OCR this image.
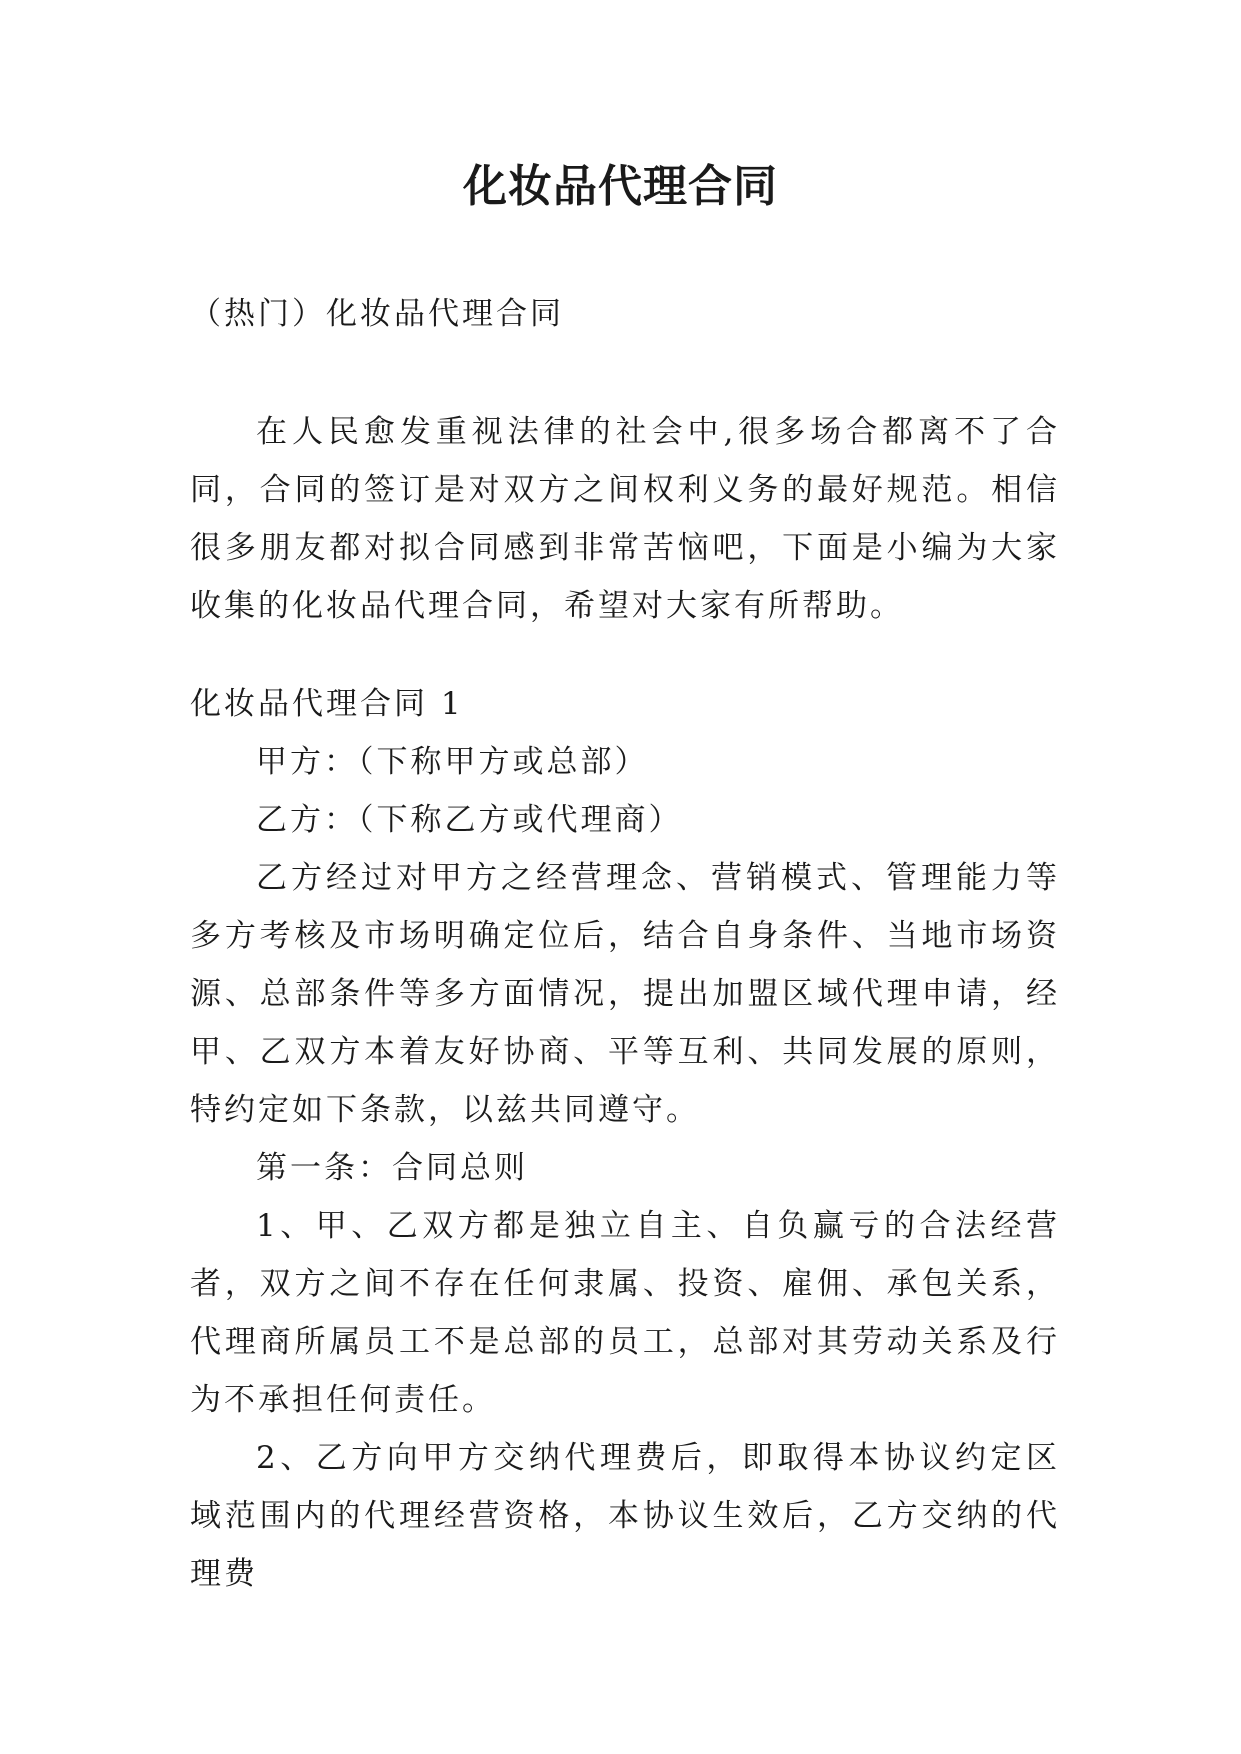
化妆品代理合同

（热门）化妆品代理合同

在人民愈发重视法律的社会中,很多场合都离不了合同，合同的签订是对双方之间权利义务的最好规范。相信很多朋友都对拟合同感到非常苦恼吧，下面是小编为大家收集的化妆品代理合同，希望对大家有所帮助。

化妆品代理合同 1

甲方：（下称甲方或总部）

乙方：（下称乙方或代理商）

乙方经过对甲方之经营理念、营销模式、管理能力等多方考核及市场明确定位后，结合自身条件、当地市场资源、总部条件等多方面情况，提出加盟区域代理申请，经甲、乙双方本着友好协商、平等互利、共同发展的原则，特约定如下条款，以兹共同遵守。

第一条：合同总则

1、甲、乙双方都是独立自主、自负赢亏的合法经营者，双方之间不存在任何隶属、投资、雇佣、承包关系，代理商所属员工不是总部的员工，总部对其劳动关系及行为不承担任何责任。

2、乙方向甲方交纳代理费后，即取得本协议约定区域范围内的代理经营资格，本协议生效后，乙方交纳的代理费
